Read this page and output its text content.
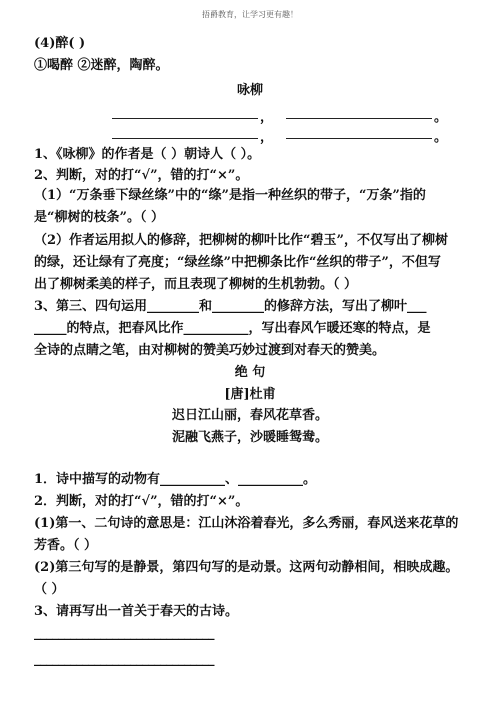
捂爵教育，让学习更有趣！
(4)醉( )
①喝醉 ②迷醉，陶醉。
咏柳
，	。
，	。
1、《咏柳》的作者是（ ）朝诗人（ ）。
2、判断，对的打“√”，错的打“×”。
（1）“万条垂下绿丝绦”中的“绦”是指一种丝织的带子，“万条”指的
是“柳树的枝条”。（ ）
（2）作者运用拟人的修辞，把柳树的柳叶比作“碧玉”，不仅写出了柳树
的绿，还让绿有了亮度；“绿丝绦”中把柳条比作“丝织的带子”，不但写
出了柳树柔美的样子，而且表现了柳树的生机勃勃。（ ）
3、第三、四句运用________和________的修辞方法，写出了柳叶___
_____的特点，把春风比作__________，写出春风乍暖还寒的特点，是
全诗的点睛之笔，由对柳树的赞美巧妙过渡到对春天的赞美。
绝 句
[唐]杜甫
迟日江山丽，春风花草香。
泥融飞燕子，沙暖睡鸳鸯。
1．诗中描写的动物有__________、__________。
2．判断，对的打“√”，错的打“×”。
(1)第一、二句诗的意思是：江山沐浴着春光，多么秀丽，春风送来花草的
芳香。（ ）
(2)第三句写的是静景，第四句写的是动景。这两句动静相间，相映成趣。
（ ）
3、请再写出一首关于春天的古诗。
______________________________
______________________________
